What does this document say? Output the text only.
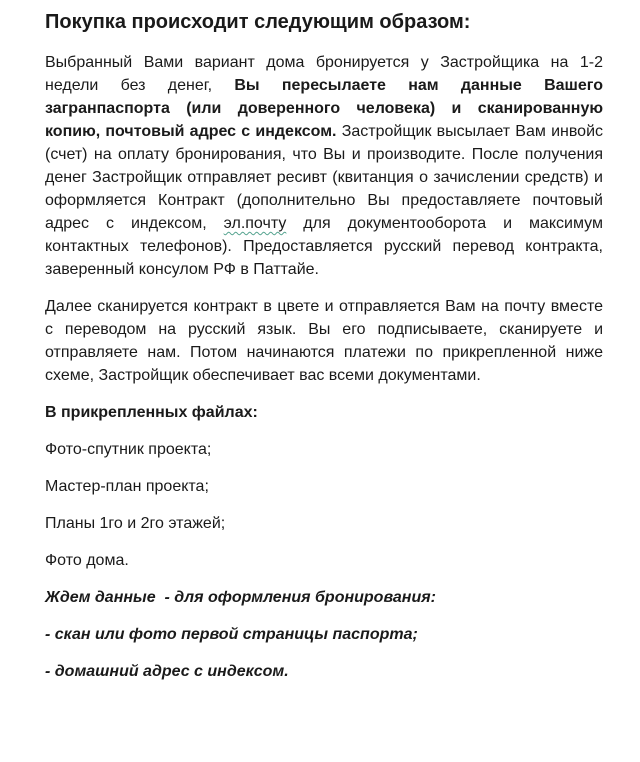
Покупка происходит следующим образом:

Выбранный Вами вариант дома бронируется у Застройщика на 1-2 недели без денег, Вы пересылаете нам данные Вашего загранпаспорта (или доверенного человека) и сканированную копию, почтовый адрес с индексом. Застройщик высылает Вам инвойс (счет) на оплату бронирования, что Вы и производите. После получения денег Застройщик отправляет ресивт (квитанция о зачислении средств) и оформляется Контракт (дополнительно Вы предоставляете почтовый адрес с индексом, эл.почту для документооборота и максимум контактных телефонов). Предоставляется русский перевод контракта, заверенный консулом РФ в Паттайе.

Далее сканируется контракт в цвете и отправляется Вам на почту вместе с переводом на русский язык. Вы его подписываете, сканируете и отправляете нам. Потом начинаются платежи по прикрепленной ниже схеме, Застройщик обеспечивает вас всеми документами.

В прикрепленных файлах:

Фото-спутник проекта;

Мастер-план проекта;

Планы 1го и 2го этажей;

Фото дома.

Ждем данные  - для оформления бронирования:

- скан или фото первой страницы паспорта;

- домашний адрес с индексом.
